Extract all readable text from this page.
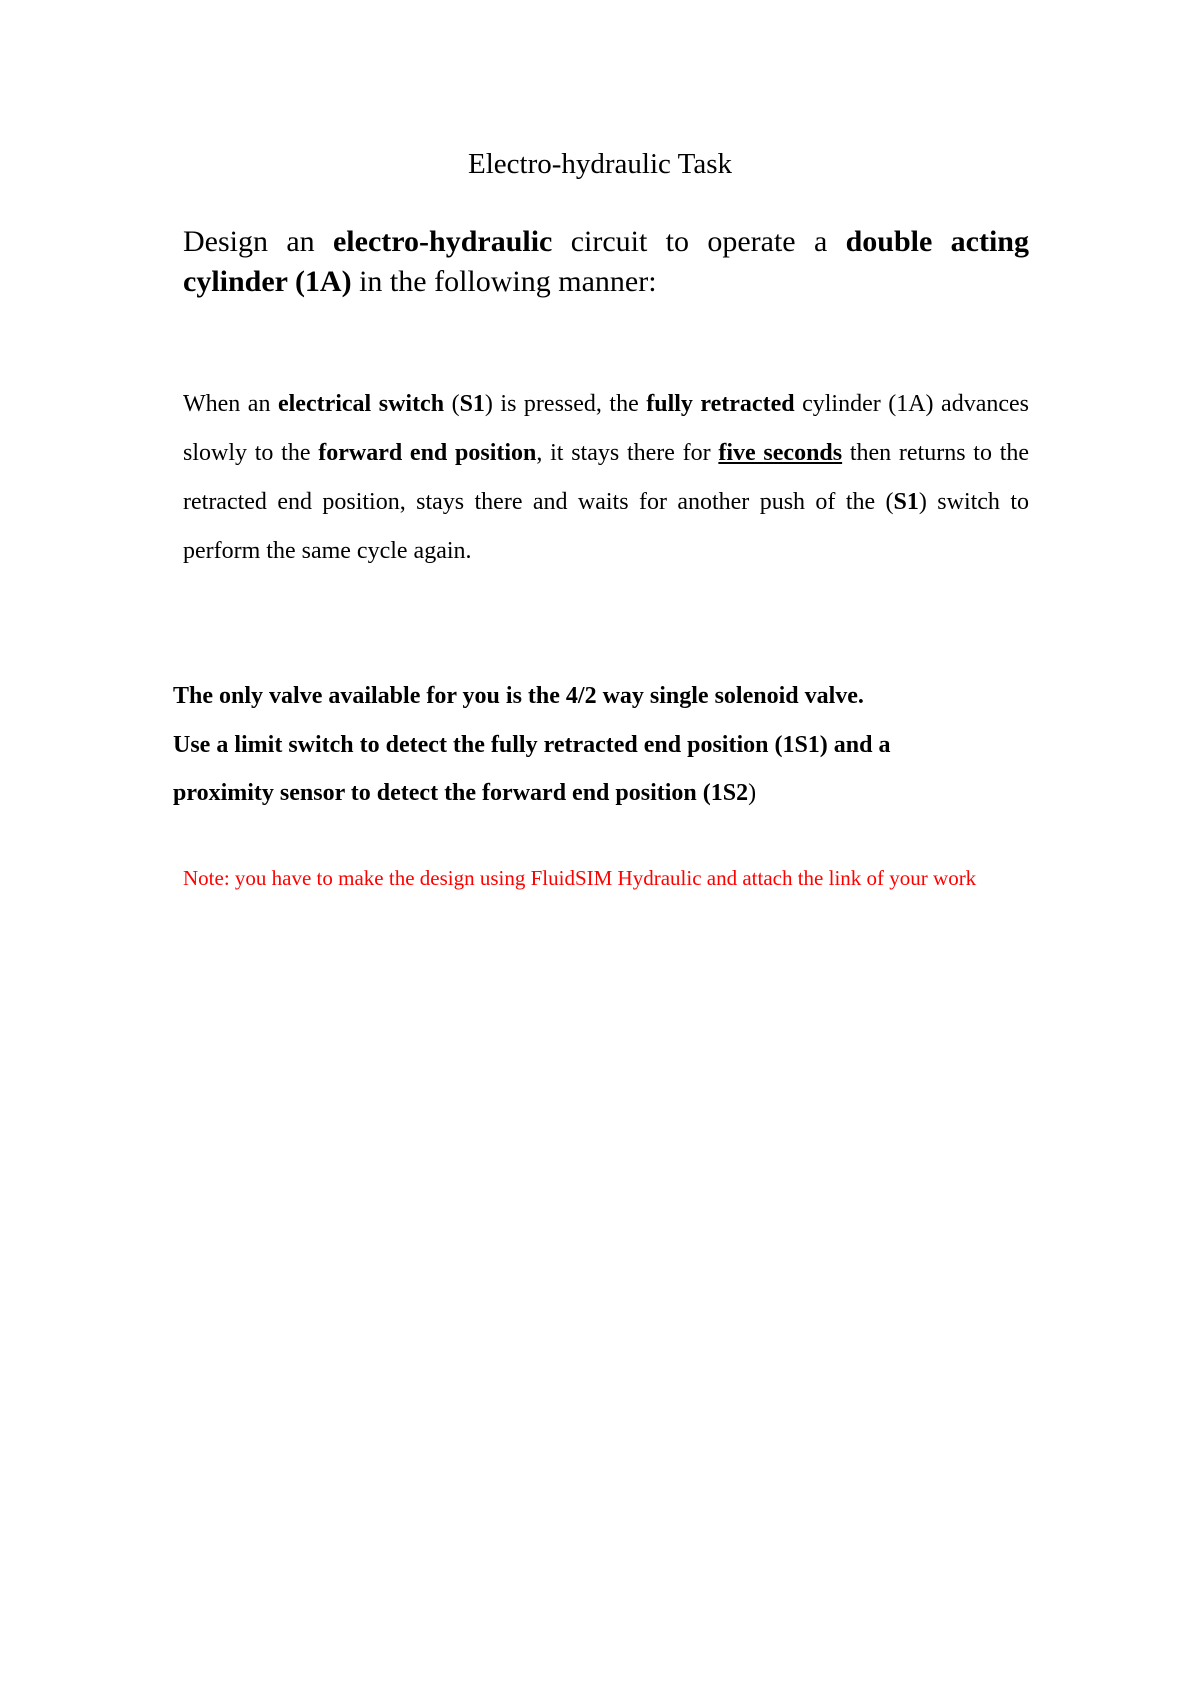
Electro-hydraulic Task
Design an electro-hydraulic circuit to operate a double acting cylinder (1A) in the following manner:
When an electrical switch (S1) is pressed, the fully retracted cylinder (1A) advances slowly to the forward end position, it stays there for five seconds then returns to the retracted end position, stays there and waits for another push of the (S1) switch to perform the same cycle again.
The only valve available for you is the 4/2 way single solenoid valve.
Use a limit switch to detect the fully retracted end position (1S1) and a
proximity sensor to detect the forward end position (1S2)
Note: you have to make the design using FluidSIM Hydraulic and attach the link of your work
